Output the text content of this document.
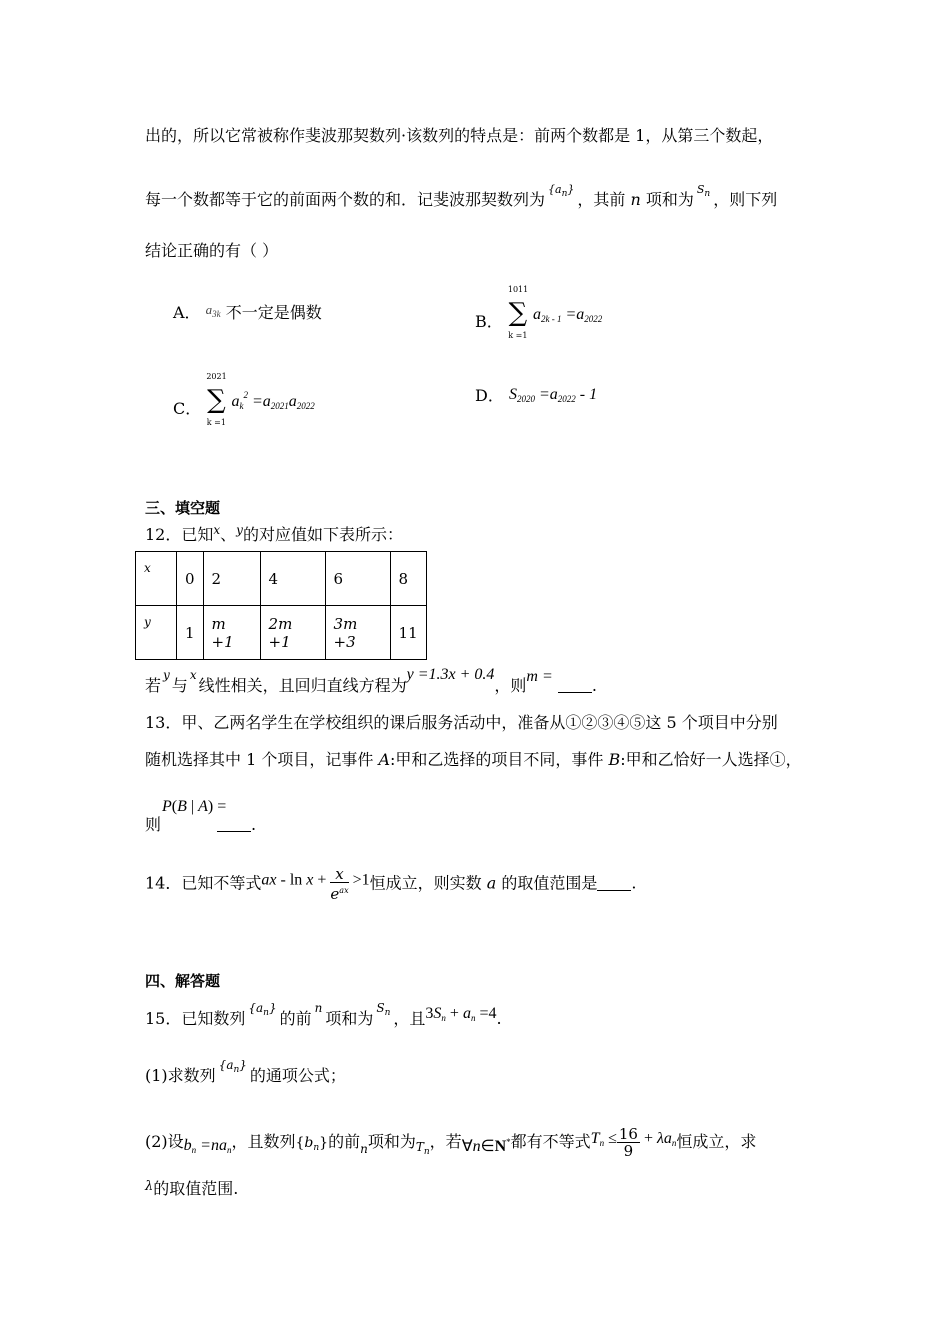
出的，所以它常被称作斐波那契数列·该数列的特点是：前两个数都是 1，从第三个数起，
每一个数都等于它的前面两个数的和．记斐波那契数列为$^{\{a_n\}}$，其前 n 项和为$^{S_n}$ ，则下列
结论正确的有（ ）
A． $^{a_{3k}}$ 不一定是偶数	B．
1011
∑
k =1
$a_{2k - 1} =a_{2022}$
C．
2021
∑
k =1
$a_k^2 =a_{2021}a_{2022}$
D． $S_{2020} =a_{2022} - 1$
三、填空题
12．已知$^x$、$^y$的对应值如下表所示：
x	0	2	4	6	8
y	1	m +1	2m +1	3m +3	11
若$^y$与$^x$线性相关，且回归直线方程为y =1.3x + 0.4，则m = .
13．甲、乙两名学生在学校组织的课后服务活动中，准备从①②③④⑤这 5 个项目中分别
随机选择其中 1 个项目，记事件 A:甲和乙选择的项目不同，事件 B:甲和乙恰好一人选择①，
P(B | A) =
则	.
14．已知不等式ax - $\ln x + \frac{x}{e^{ax}} >1$恒成立，则实数 a 的取值范围是 .
四、解答题
15．已知数列$^{\{a_n\}}$的前$^n$项和为$^{S_n}$ ，且$3S_n + a_n =4$.
(1)求数列$^{\{a_n\}}$的通项公式；
(2)设$b_n =na_n$，且数列$\{b_n\}$的前$_n$项和为$_{T_n}$，若∀n∈N*都有不等式$T_n \le \frac{16}{9} + \lambda a_n$恒成立，求
$^\lambda$的取值范围.
